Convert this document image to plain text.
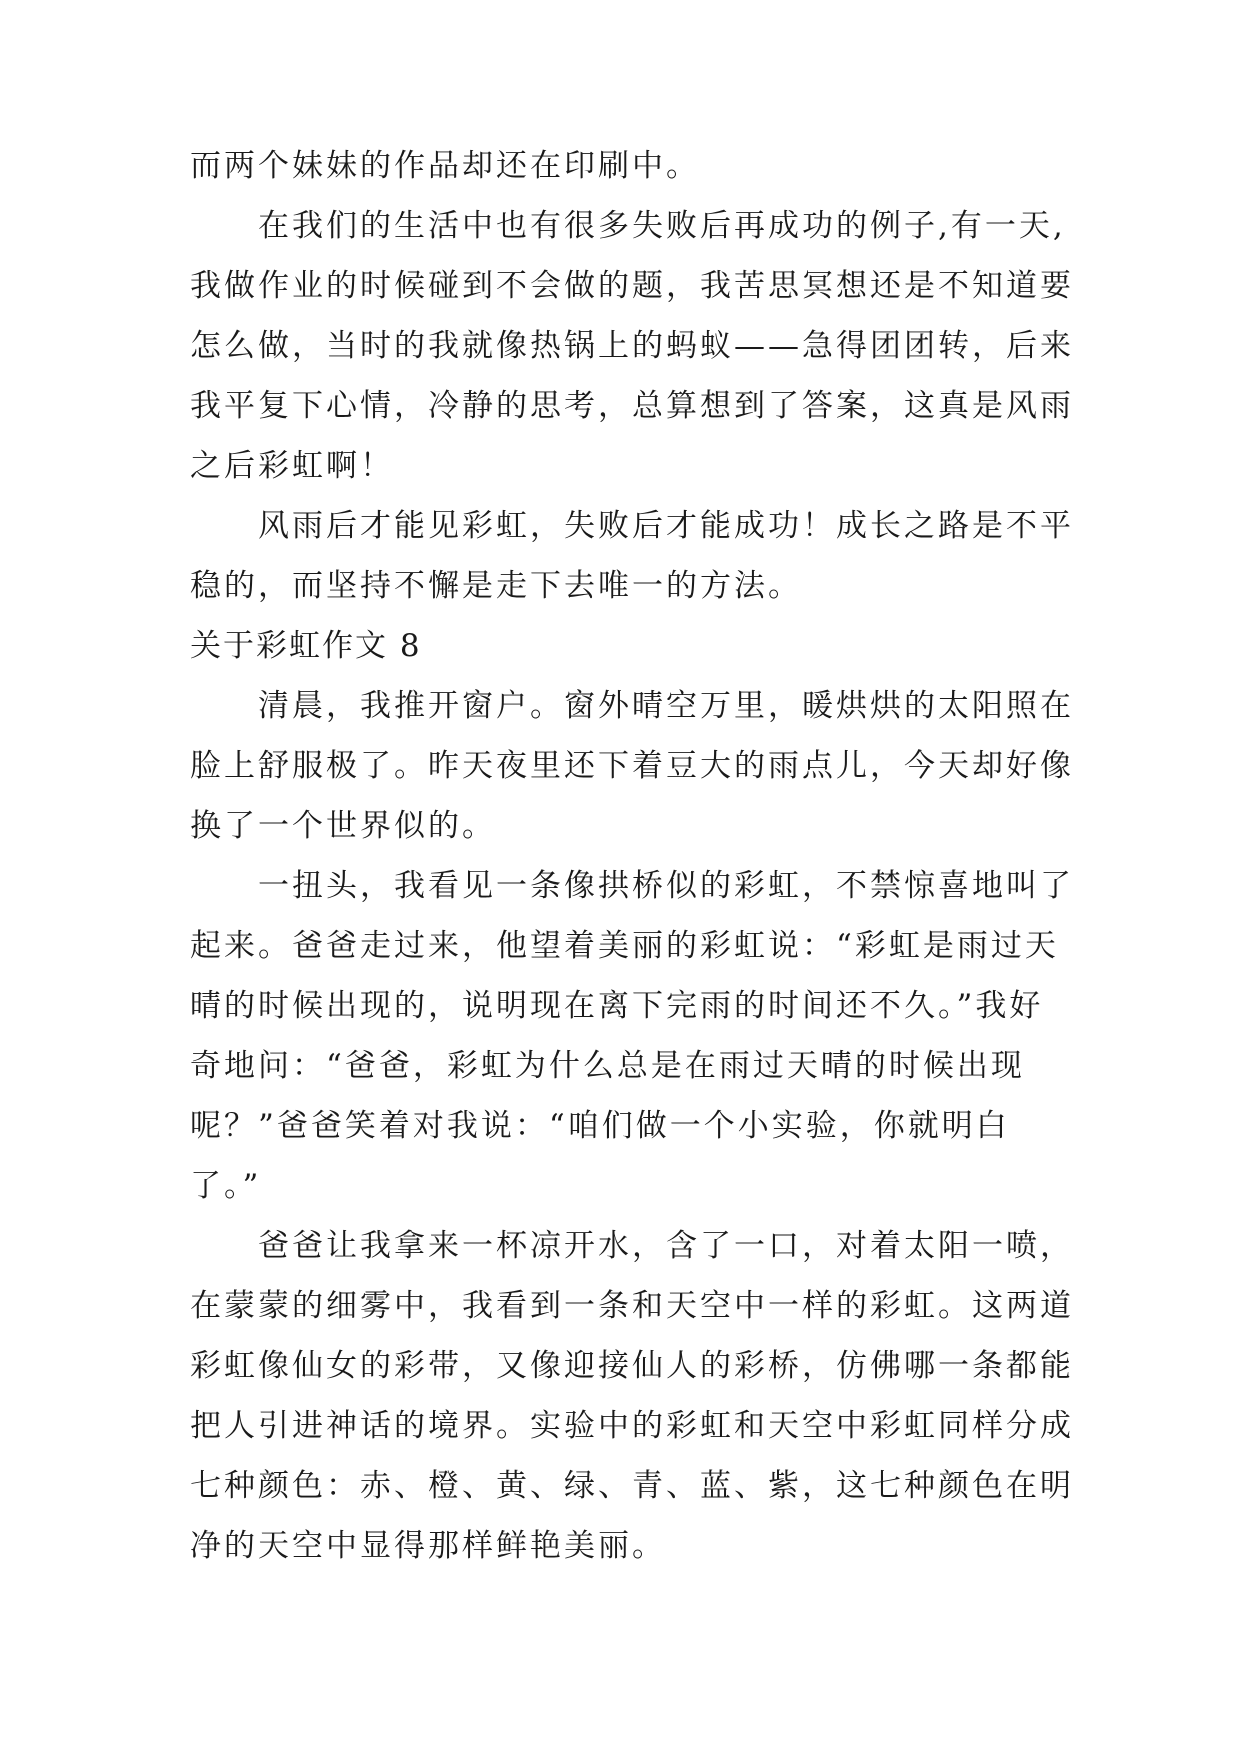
而两个妹妹的作品却还在印刷中。
在我们的生活中也有很多失败后再成功的例子,有一天,
我做作业的时候碰到不会做的题，我苦思冥想还是不知道要
怎么做，当时的我就像热锅上的蚂蚁——急得团团转，后来
我平复下心情，冷静的思考，总算想到了答案，这真是风雨
之后彩虹啊！
风雨后才能见彩虹，失败后才能成功！成长之路是不平
稳的，而坚持不懈是走下去唯一的方法。
关于彩虹作文 8
清晨，我推开窗户。窗外晴空万里，暖烘烘的太阳照在
脸上舒服极了。昨天夜里还下着豆大的雨点儿，今天却好像
换了一个世界似的。
一扭头，我看见一条像拱桥似的彩虹，不禁惊喜地叫了
起来。爸爸走过来，他望着美丽的彩虹说：“彩虹是雨过天
晴的时候出现的，说明现在离下完雨的时间还不久。”我好
奇地问：“爸爸，彩虹为什么总是在雨过天晴的时候出现
呢？”爸爸笑着对我说：“咱们做一个小实验，你就明白
了。”
爸爸让我拿来一杯凉开水，含了一口，对着太阳一喷，
在蒙蒙的细雾中，我看到一条和天空中一样的彩虹。这两道
彩虹像仙女的彩带，又像迎接仙人的彩桥，仿佛哪一条都能
把人引进神话的境界。实验中的彩虹和天空中彩虹同样分成
七种颜色：赤、橙、黄、绿、青、蓝、紫，这七种颜色在明
净的天空中显得那样鲜艳美丽。
